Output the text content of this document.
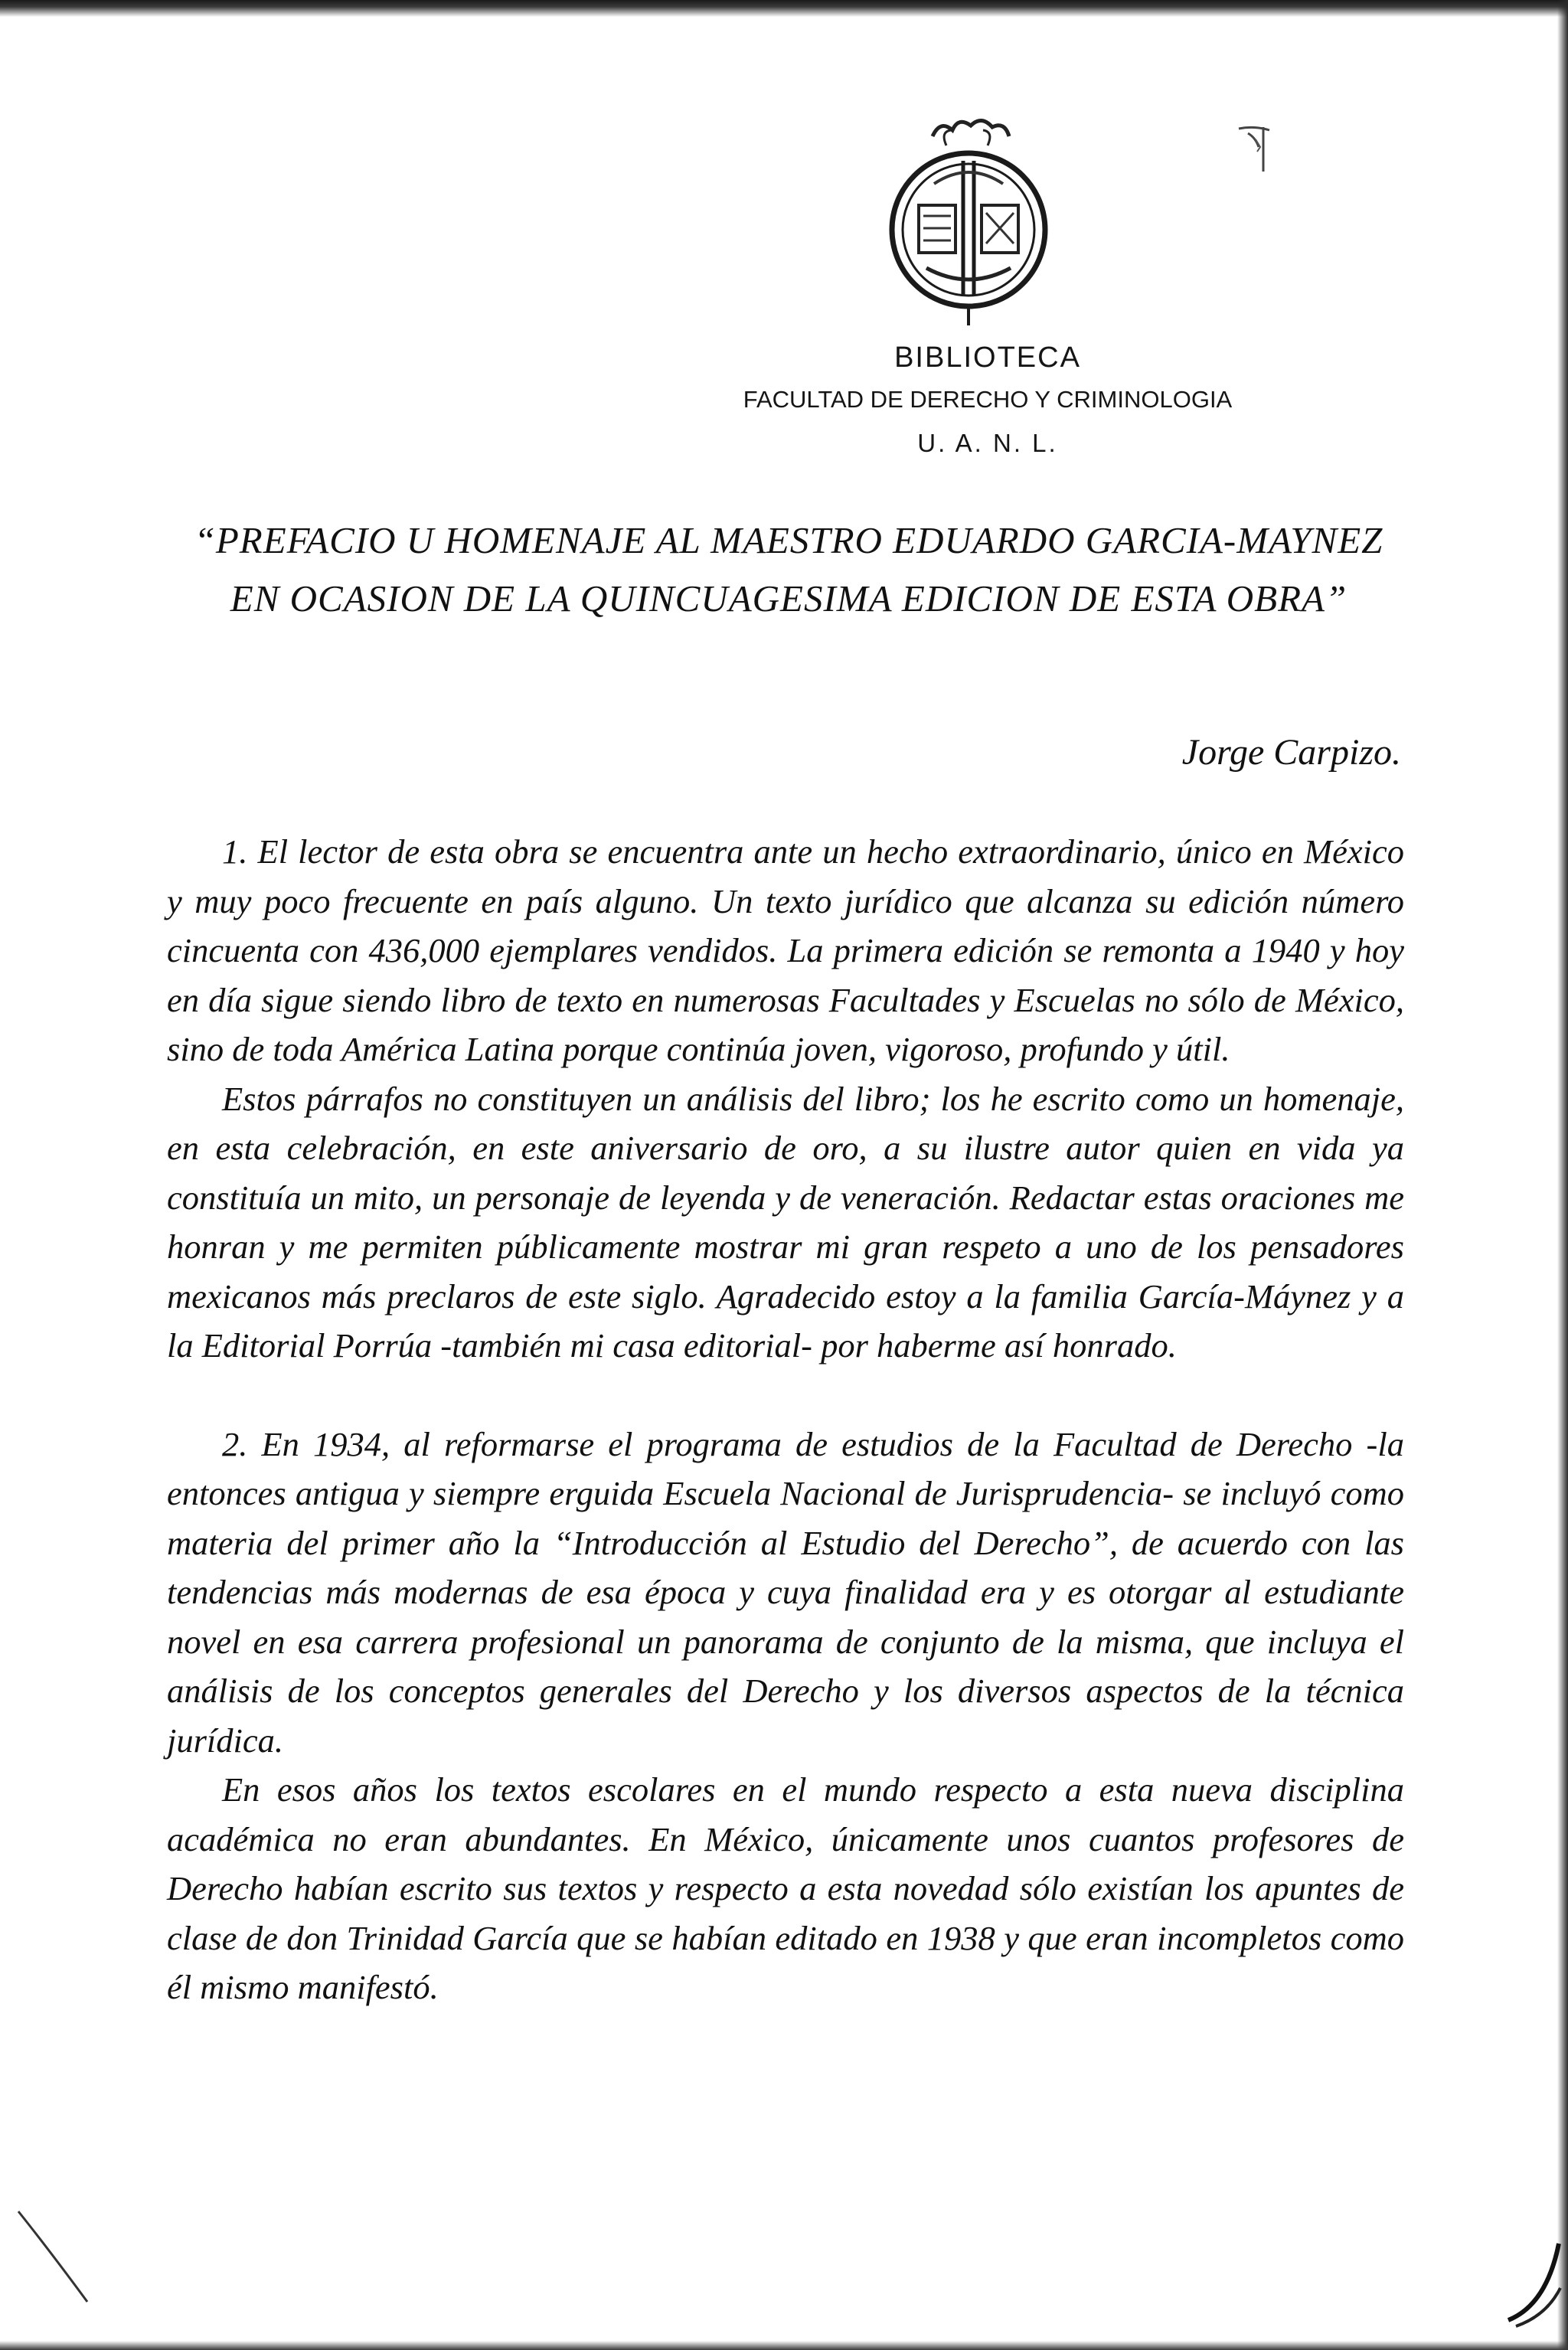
BIBLIOTECA
FACULTAD DE DERECHO Y CRIMINOLOGIA
U. A. N. L.
“PREFACIO U HOMENAJE AL MAESTRO EDUARDO GARCIA-MAYNEZ EN OCASION DE LA QUINCUAGESIMA EDICION DE ESTA OBRA”
Jorge Carpizo.

1. El lector de esta obra se encuentra ante un hecho extraordinario, único en México y muy poco frecuente en país alguno. Un texto jurídico que alcanza su edición número cincuenta con 436,000 ejemplares vendidos. La primera edición se remonta a 1940 y hoy en día sigue siendo libro de texto en numerosas Facultades y Escuelas no sólo de México, sino de toda América Latina porque continúa joven, vigoroso, profundo y útil.

Estos párrafos no constituyen un análisis del libro; los he escrito como un homenaje, en esta celebración, en este aniversario de oro, a su ilustre autor quien en vida ya constituía un mito, un personaje de leyenda y de veneración. Redactar estas oraciones me honran y me permiten públicamente mostrar mi gran respeto a uno de los pensadores mexicanos más preclaros de este siglo. Agradecido estoy a la familia García-Máynez y a la Editorial Porrúa -también mi casa editorial- por haberme así honrado.

2. En 1934, al reformarse el programa de estudios de la Facultad de Derecho -la entonces antigua y siempre erguida Escuela Nacional de Jurisprudencia- se incluyó como materia del primer año la “Introducción al Estudio del Derecho”, de acuerdo con las tendencias más modernas de esa época y cuya finalidad era y es otorgar al estudiante novel en esa carrera profesional un panorama de conjunto de la misma, que incluya el análisis de los conceptos generales del Derecho y los diversos aspectos de la técnica jurídica.

En esos años los textos escolares en el mundo respecto a esta nueva disciplina académica no eran abundantes. En México, únicamente unos cuantos profesores de Derecho habían escrito sus textos y respecto a esta novedad sólo existían los apuntes de clase de don Trinidad García que se habían editado en 1938 y que eran incompletos como él mismo manifestó.
